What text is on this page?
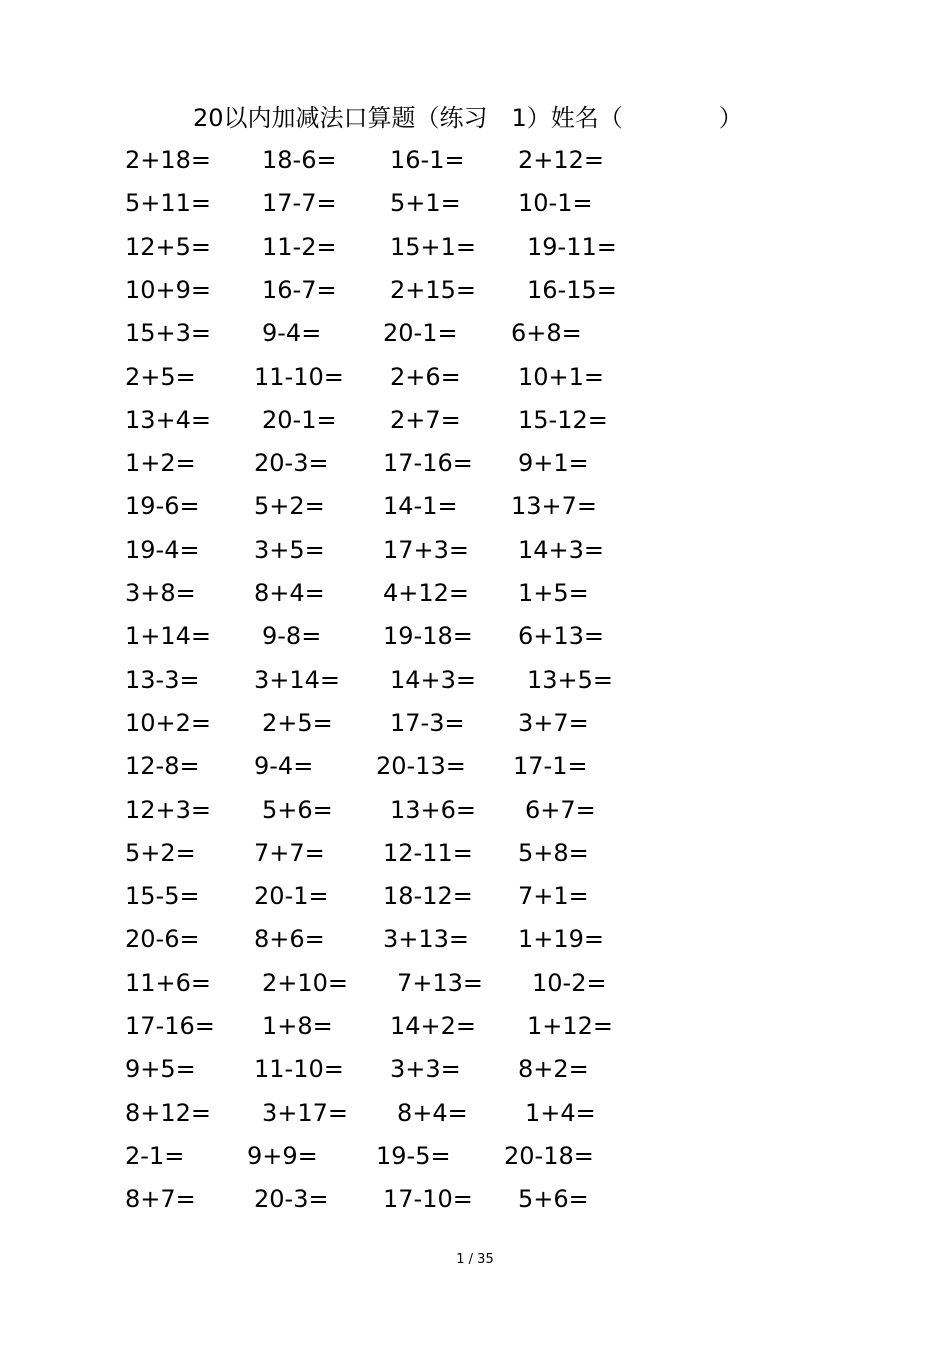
20以内加减法口算题（练习　1）姓名（　　　　）
2+18= 18-6= 16-1= 2+12=
5+11= 17-7= 5+1= 10-1=
12+5= 11-2= 15+1= 19-11=
10+9= 16-7= 2+15= 16-15=
15+3= 9-4=	20-1= 6+8=
2+5= 11-10= 2+6= 10+1=
13+4= 20-1= 2+7= 15-12=
1+2= 20-3= 17-16= 9+1=
19-6= 5+2= 14-1= 13+7=
19-4= 3+5= 17+3= 14+3=
3+8= 8+4= 4+12= 1+5=
1+14= 9-8=	19-18= 6+13=
13-3= 3+14= 14+3= 13+5=
10+2= 2+5= 17-3= 3+7=
12-8= 9-4=	20-13= 17-1=
12+3= 5+6= 13+6= 6+7=
5+2= 7+7= 12-11= 5+8=
15-5= 20-1= 18-12= 7+1=
20-6= 8+6= 3+13= 1+19=
11+6= 2+10= 7+13= 10-2=
17-16= 1+8= 14+2= 1+12=
9+5= 11-10= 3+3= 8+2=
8+12= 3+17= 8+4= 1+4=
2-1=	9+9= 19-5= 20-18=
8+7= 20-3= 17-10= 5+6=
1 / 35
